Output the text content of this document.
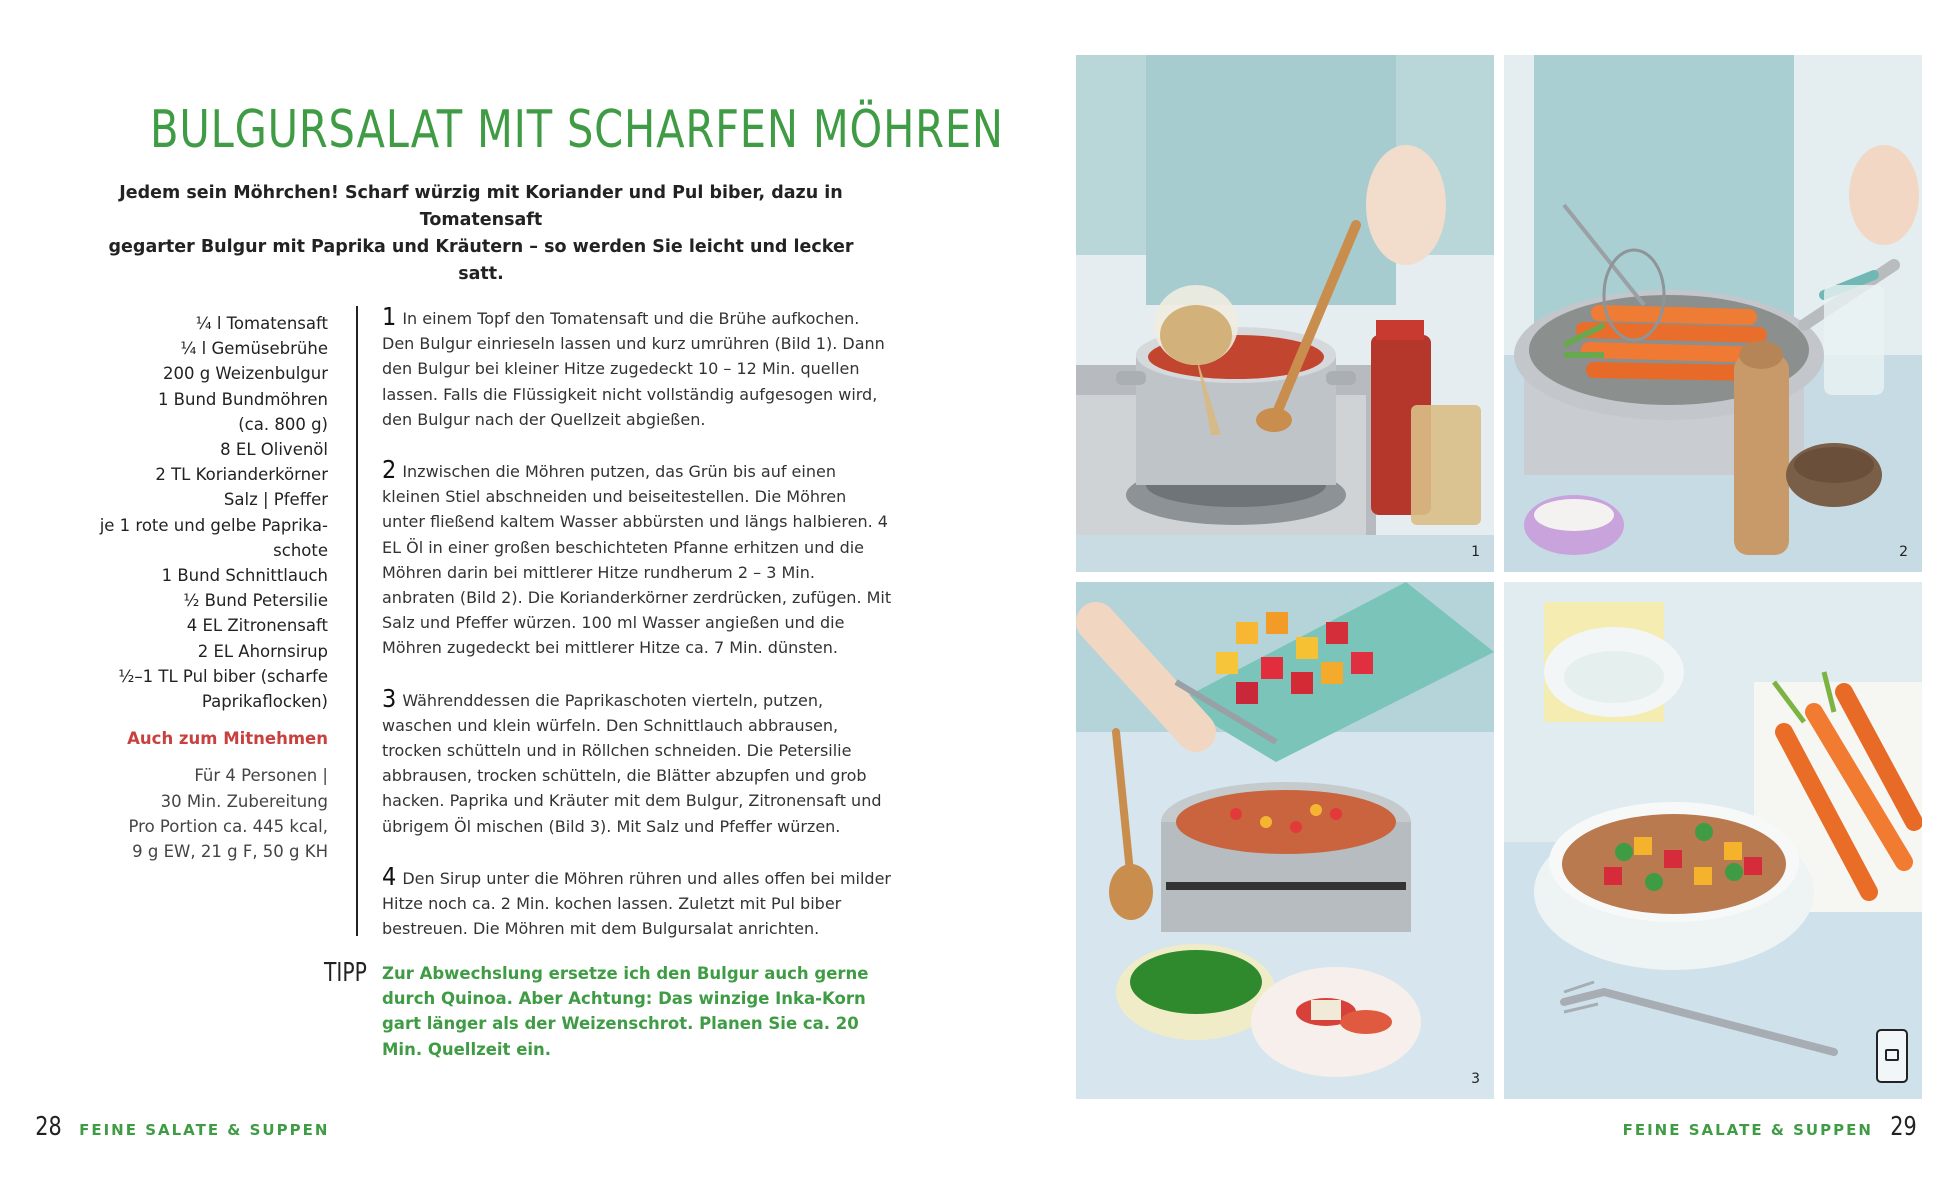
BULGURSALAT MIT SCHARFEN MÖHREN
Jedem sein Möhrchen! Scharf würzig mit Koriander und Pul biber, dazu in Tomatensaft
gegarter Bulgur mit Paprika und Kräutern – so werden Sie leicht und lecker satt.
¼ l Tomatensaft
¼ l Gemüsebrühe
200 g Weizenbulgur
1 Bund Bundmöhren
(ca. 800 g)
8 EL Olivenöl
2 TL Korianderkörner
Salz | Pfeffer
je 1 rote und gelbe Paprika-
schote
1 Bund Schnittlauch
½ Bund Petersilie
4 EL Zitronensaft
2 EL Ahornsirup
½–1 TL Pul biber (scharfe
Paprikaflocken)
Auch zum Mitnehmen
Für 4 Personen |
30 Min. Zubereitung
Pro Portion ca. 445 kcal,
9 g EW, 21 g F, 50 g KH

1 In einem Topf den Tomatensaft und die Brühe aufkochen. Den Bulgur einrieseln lassen und kurz umrühren (Bild 1). Dann den Bulgur bei kleiner Hitze zugedeckt 10 – 12 Min. quellen lassen. Falls die Flüssigkeit nicht vollständig aufgesogen wird, den Bulgur nach der Quellzeit abgießen.

2 Inzwischen die Möhren putzen, das Grün bis auf einen kleinen Stiel abschneiden und beiseitestellen. Die Möhren unter fließend kaltem Wasser abbürsten und längs halbieren. 4 EL Öl in einer großen beschichteten Pfanne erhitzen und die Möhren darin bei mittlerer Hitze rundherum 2 – 3 Min. anbraten (Bild 2). Die Korianderkörner zerdrücken, zufügen. Mit Salz und Pfeffer würzen. 100 ml Wasser angießen und die Möhren zugedeckt bei mittlerer Hitze ca. 7 Min. dünsten.

3 Währenddessen die Paprikaschoten vierteln, putzen, waschen und klein würfeln. Den Schnittlauch abbrausen, trocken schütteln und in Röllchen schneiden. Die Petersilie abbrausen, trocken schütteln, die Blätter abzupfen und grob hacken. Paprika und Kräuter mit dem Bulgur, Zitronensaft und übrigem Öl mischen (Bild 3). Mit Salz und Pfeffer würzen.

4 Den Sirup unter die Möhren rühren und alles offen bei milder Hitze noch ca. 2 Min. kochen lassen. Zuletzt mit Pul biber bestreuen. Die Möhren mit dem Bulgursalat anrichten.

TIPP Zur Abwechslung ersetze ich den Bulgur auch gerne durch Quinoa. Aber Achtung: Das winzige Inka-Korn gart länger als der Weizenschrot. Planen Sie ca. 20 Min. Quellzeit ein.
28 FEINE SALATE & SUPPEN
1	2
3
FEINE SALATE & SUPPEN 29
